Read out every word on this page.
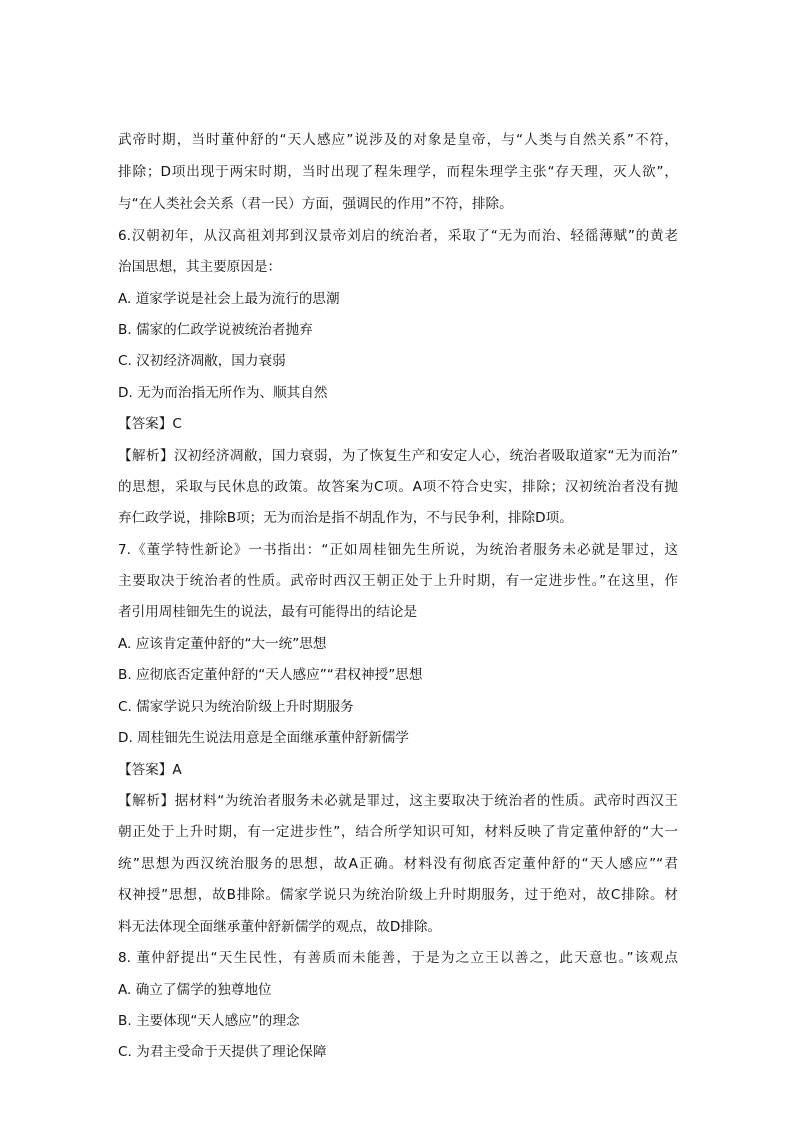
武帝时期，当时董仲舒的“天人感应”说涉及的对象是皇帝，与“人类与自然关系”不符，
排除；D项出现于两宋时期，当时出现了程朱理学，而程朱理学主张“存天理，灭人欲”，
与“在人类社会关系（君一民）方面，强调民的作用”不符，排除。
6.汉朝初年，从汉高祖刘邦到汉景帝刘启的统治者，采取了“无为而治、轻徭薄赋”的黄老
治国思想，其主要原因是：
A. 道家学说是社会上最为流行的思潮
B. 儒家的仁政学说被统治者抛弃
C. 汉初经济凋敝，国力衰弱
D. 无为而治指无所作为、顺其自然
【答案】C
【解析】汉初经济凋敝，国力衰弱，为了恢复生产和安定人心，统治者吸取道家“无为而治”
的思想，采取与民休息的政策。故答案为C项。A项不符合史实，排除；汉初统治者没有抛
弃仁政学说，排除B项；无为而治是指不胡乱作为，不与民争利，排除D项。
7.《董学特性新论》一书指出：“正如周桂钿先生所说，为统治者服务未必就是罪过，这
主要取决于统治者的性质。武帝时西汉王朝正处于上升时期，有一定进步性。”在这里，作
者引用周桂钿先生的说法，最有可能得出的结论是
A. 应该肯定董仲舒的“大一统”思想
B. 应彻底否定董仲舒的“天人感应”“君权神授”思想
C. 儒家学说只为统治阶级上升时期服务
D. 周桂钿先生说法用意是全面继承董仲舒新儒学
【答案】A
【解析】据材料“为统治者服务未必就是罪过，这主要取决于统治者的性质。武帝时西汉王
朝正处于上升时期，有一定进步性”，结合所学知识可知，材料反映了肯定董仲舒的“大一
统”思想为西汉统治服务的思想，故A正确。材料没有彻底否定董仲舒的“天人感应”“君
权神授”思想，故B排除。儒家学说只为统治阶级上升时期服务，过于绝对，故C排除。材
料无法体现全面继承董仲舒新儒学的观点，故D排除。
8. 董仲舒提出“天生民性，有善质而未能善，于是为之立王以善之，此天意也。”该观点
A. 确立了儒学的独尊地位
B. 主要体现“天人感应”的理念
C. 为君主受命于天提供了理论保障
